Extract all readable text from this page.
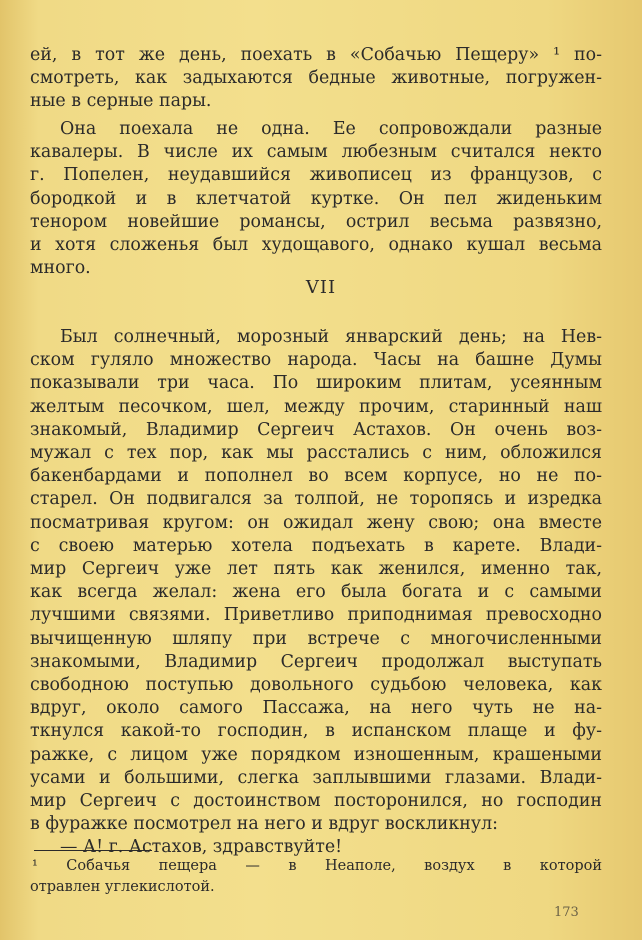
ей, в тот же день, поехать в «Собачью Пещеру» ¹ по-
смотреть, как задыхаются бедные животные, погружен-
ные в серные пары.
Она поехала не одна. Ее сопровождали разные
кавалеры. В числе их самым любезным считался некто
г. Попелен, неудавшийся живописец из французов, с
бородкой и в клетчатой куртке. Он пел жиденьким
тенором новейшие романсы, острил весьма развязно,
и хотя сложенья был худощавого, однако кушал весьма
много.
VII
Был солнечный, морозный январский день; на Нев-
ском гуляло множество народа. Часы на башне Думы
показывали три часа. По широким плитам, усеянным
желтым песочком, шел, между прочим, старинный наш
знакомый, Владимир Сергеич Астахов. Он очень воз-
мужал с тех пор, как мы расстались с ним, обложился
бакенбардами и пополнел во всем корпусе, но не по-
старел. Он подвигался за толпой, не торопясь и изредка
посматривая кругом: он ожидал жену свою; она вместе
с своею матерью хотела подъехать в карете. Влади-
мир Сергеич уже лет пять как женился, именно так,
как всегда желал: жена его была богата и с самыми
лучшими связями. Приветливо приподнимая превосходно
вычищенную шляпу при встрече с многочисленными
знакомыми, Владимир Сергеич продолжал выступать
свободною поступью довольного судьбою человека, как
вдруг, около самого Пассажа, на него чуть не на-
ткнулся какой-то господин, в испанском плаще и фу-
ражке, с лицом уже порядком изношенным, крашеными
усами и большими, слегка заплывшими глазами. Влади-
мир Сергеич с достоинством посторонился, но господин
в фуражке посмотрел на него и вдруг воскликнул:
— А! г. Астахов, здравствуйте!
¹ Собачья пещера — в Неаполе, воздух в которой
отравлен углекислотой.
173
